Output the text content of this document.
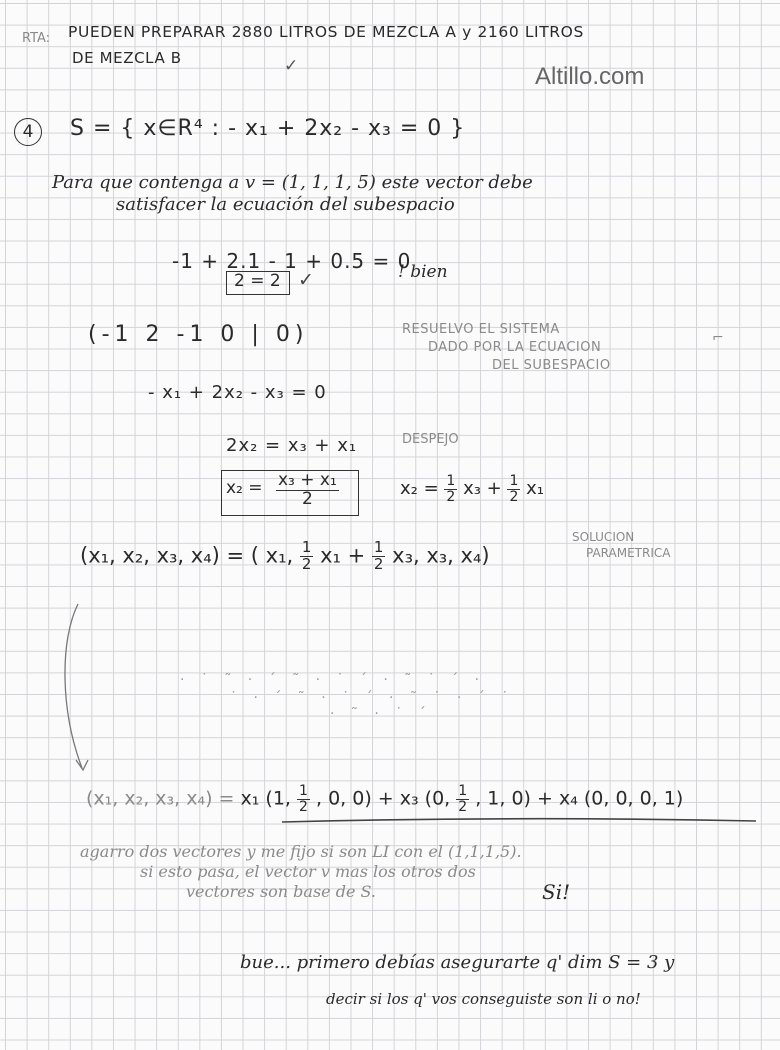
Altillo.com
RTA: PUEDEN PREPARAR 2880 LITROS DE MEZCLA A y 2160 LITROS
DE MEZCLA B	✓
4	S = { x∈R⁴ : - x₁ + 2x₂ - x₃ = 0 }
Para que contenga a v = (1, 1, 1, 5) este vector debe
satisfacer la ecuación del subespacio
-1 + 2.1 - 1 + 0.5 = 0
! bien
2 = 2 ✓
(-1 2 -1 0 | 0)	RESUELVO EL SISTEMA
DADO POR LA ECUACION
DEL SUBESPACIO
⌐
- x₁ + 2x₂ - x₃ = 0
2x₂ = x₃ + x₁	DESPEJO
$x_2 = \frac{\text{x₃ + x₁}}{2}$	$x_2 = \frac{1}{2} x_3 + \frac{1}{2} x_1$
(x₁, x₂, x₃, x₄) = ( x₁, $\frac{1}{2} x_1 + \frac{1}{2} x_3$, x₃, x₄)
SOLUCION
PARAMETRICA
· ˙ ˜ · ´ ˜ · ˙ ´ · ˜ ˙ ´ ·
˙ · ´ ˜ · ˙ ´ · ˜ ˙ · ´ ˙
· ˜ · ˙ ´
(x₁, x₂, x₃, x₄) = x₁ (1, $\frac{1}{2}$ , 0, 0) + x₃ (0, $\frac{1}{2}$ , 1, 0) + x₄ (0, 0, 0, 1)
agarro dos vectores y me fijo si son LI con el (1,1,1,5).
si esto pasa, el vector v mas los otros dos
vectores son base de S.	Si!
bue... primero debías asegurarte q' dim S = 3 y
decir si los q' vos conseguiste son li o no!
